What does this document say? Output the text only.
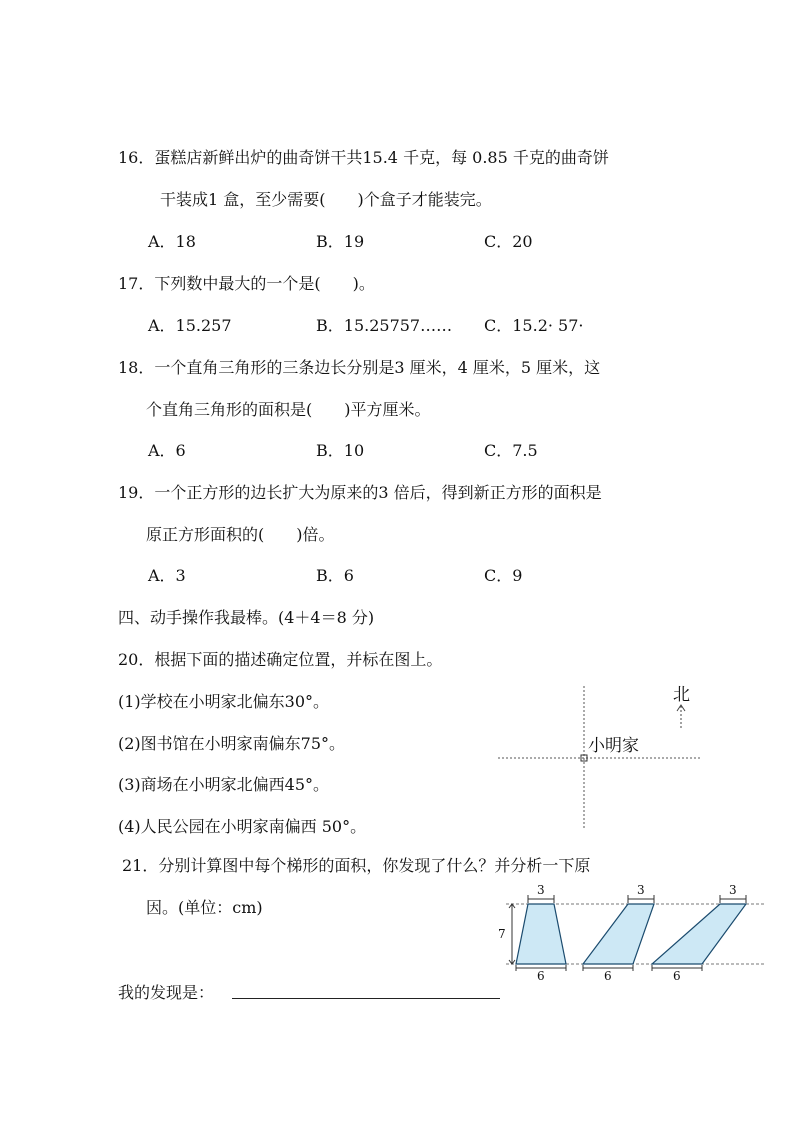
16．蛋糕店新鲜出炉的曲奇饼干共15.4 千克，每 0.85 千克的曲奇饼
干装成1 盒，至少需要(　　)个盒子才能装完。
A．18	B．19	C．20
17．下列数中最大的一个是(　　)。
A．15.257	B．15.25757…… C．15.2· 57·
18．一个直角三角形的三条边长分别是3 厘米，4 厘米，5 厘米，这
个直角三角形的面积是(　　)平方厘米。
A．6	B．10	C．7.5
19．一个正方形的边长扩大为原来的3 倍后，得到新正方形的面积是
原正方形面积的(　　)倍。
A．3	B．6	C．9
四、动手操作我最棒。(4＋4＝8 分)
20．根据下面的描述确定位置，并标在图上。
(1)学校在小明家北偏东30°。
(2)图书馆在小明家南偏东75°。
(3)商场在小明家北偏西45°。
(4)人民公园在小明家南偏西 50°。
小明家
北
21．分别计算图中每个梯形的面积，你发现了什么？并分析一下原
因。(单位：cm)
7
3	3	3
6	6	6
我的发现是：
